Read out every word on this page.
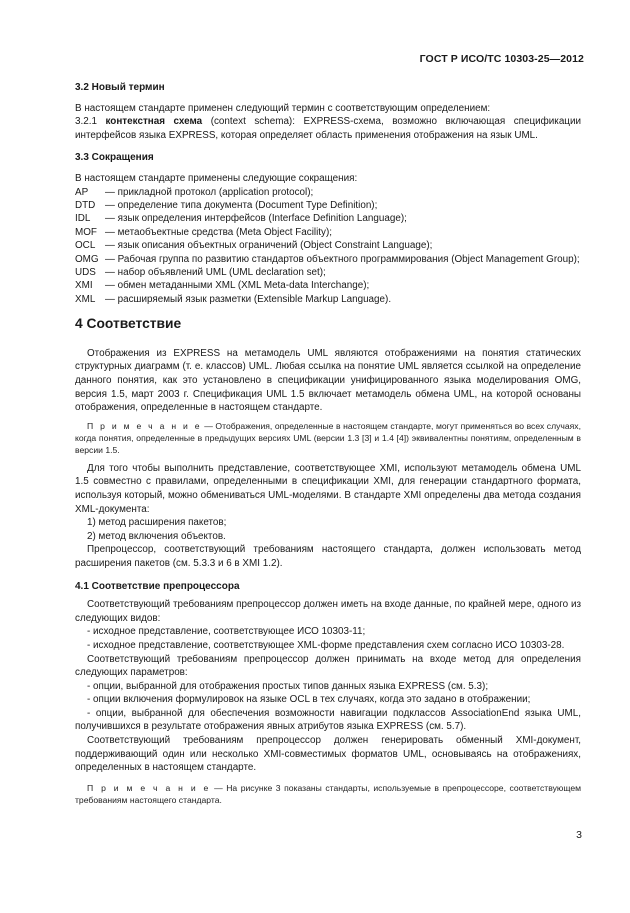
ГОСТ Р ИСО/ТС 10303-25—2012

3.2 Новый термин

В настоящем стандарте применен следующий термин с соответствующим определением:

3.2.1 контекстная схема (context schema): EXPRESS-схема, возможно включающая спецификации интерфейсов языка EXPRESS, которая определяет область применения отображения на язык UML.

3.3 Сокращения

В настоящем стандарте применены следующие сокращения:

AP	— прикладной протокол (application protocol);
DTD — определение типа документа (Document Type Definition);
IDL	— язык определения интерфейсов (Interface Definition Language);
MOF — метаобъектные средства (Meta Object Facility);
OCL — язык описания объектных ограничений (Object Constraint Language);
OMG — Рабочая группа по развитию стандартов объектного программирования (Object Management Group);
UDS — набор объявлений UML (UML declaration set);
XMI	— обмен метаданными XML (XML Meta-data Interchange);
XML — расширяемый язык разметки (Extensible Markup Language).

4 Соответствие

Отображения из EXPRESS на метамодель UML являются отображениями на понятия статических структурных диаграмм (т. е. классов) UML. Любая ссылка на понятие UML является ссылкой на определение данного понятия, как это установлено в спецификации унифицированного языка моделирования OMG, версия 1.5, март 2003 г. Спецификация UML 1.5 включает метамодель обмена UML, на которой основаны отображения, определенные в настоящем стандарте.

П р и м е ч а н и е — Отображения, определенные в настоящем стандарте, могут применяться во всех случаях, когда понятия, определенные в предыдущих версиях UML (версии 1.3 [3] и 1.4 [4]) эквивалентны понятиям, определенным в версии 1.5.

Для того чтобы выполнить представление, соответствующее XMI, используют метамодель обмена UML 1.5 совместно с правилами, определенными в спецификации XMI, для генерации стандартного формата, используя который, можно обмениваться UML-моделями. В стандарте XMI определены два метода создания XML-документа:

1) метод расширения пакетов;

2) метод включения объектов.

Препроцессор, соответствующий требованиям настоящего стандарта, должен использовать метод расширения пакетов (см. 5.3.3 и 6 в XMI 1.2).

4.1 Соответствие препроцессора

Соответствующий требованиям препроцессор должен иметь на входе данные, по крайней мере, одного из следующих видов:

- исходное представление, соответствующее ИСО 10303-11;

- исходное представление, соответствующее XML-форме представления схем согласно ИСО 10303-28.

Соответствующий требованиям препроцессор должен принимать на входе метод для определения следующих параметров:

- опции, выбранной для отображения простых типов данных языка EXPRESS (см. 5.3);

- опции включения формулировок на языке OCL в тех случаях, когда это задано в отображении;

- опции, выбранной для обеспечения возможности навигации подклассов AssociationEnd языка UML, получившихся в результате отображения явных атрибутов языка EXPRESS (см. 5.7).

Соответствующий требованиям препроцессор должен генерировать обменный XMI-документ, поддерживающий один или несколько XMI-совместимых форматов UML, основываясь на отображениях, определенных в настоящем стандарте.

П р и м е ч а н и е — На рисунке 3 показаны стандарты, используемые в препроцессоре, соответствующем требованиям настоящего стандарта.

3
